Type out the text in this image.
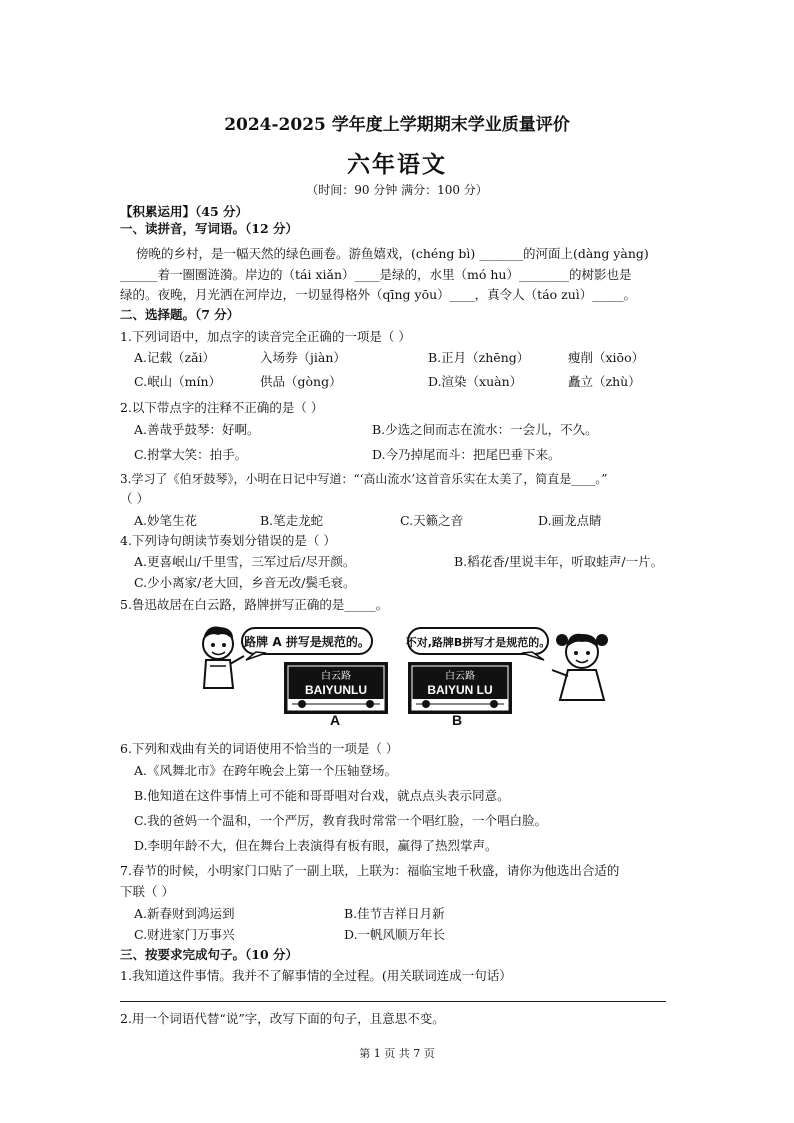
2024-2025 学年度上学期期末学业质量评价
六年语文
（时间：90 分钟 满分：100 分）
【积累运用】（45 分）
一、读拼音，写词语。（12 分）
傍晚的乡村，是一幅天然的绿色画卷。游鱼嬉戏，(chéng bì) _______的河面上(dàng yàng)
______着一圈圈涟漪。岸边的（tái xiǎn）____是绿的，水里（mó hu）________的树影也是
绿的。夜晚，月光洒在河岸边，一切显得格外（qīng yōu）____，真令人（táo zuì）_____。
二、选择题。（7 分）
1.下列词语中，加点字的读音完全正确的一项是（ ）
A.记载（zǎi）	入场券（jiàn）	B.正月（zhēng）	瘦削（xiōo）
C.岷山（mín）	供品（gòng）	D.渲染（xuàn）	矗立（zhù）
2.以下带点字的注释不正确的是（ ）
A.善哉乎鼓琴：好啊。	B.少选之间而志在流水：一会儿，不久。
C.拊掌大笑：拍手。	D.今乃掉尾而斗：把尾巴垂下来。
3.学习了《伯牙鼓琴》，小明在日记中写道：“‘高山流水’这首音乐实在太美了，简直是____。”
（ ）
A.妙笔生花	B.笔走龙蛇	C.天籁之音	D.画龙点睛
4.下列诗句朗读节奏划分错误的是（ ）
A.更喜岷山/千里雪，三军过后/尽开颜。	B.稻花香/里说丰年，听取蛙声/一片。
C.少小离家/老大回，乡音无改/鬓毛衰。
5.鲁迅故居在白云路，路牌拼写正确的是_____。
路牌 A 拼写是规范的。
白云路
BAIYUNLU
不对,路牌B拼写才是规范的。
白云路
BAIYUN LU
A	B
6.下列和戏曲有关的词语使用不恰当的一项是（ ）
A.《风舞北市》在跨年晚会上第一个压轴登场。
B.他知道在这件事情上可不能和哥哥唱对台戏，就点点头表示同意。
C.我的爸妈一个温和，一个严厉，教育我时常常一个唱红脸，一个唱白脸。
D.李明年龄不大，但在舞台上表演得有板有眼，赢得了热烈掌声。
7.春节的时候，小明家门口贴了一副上联，上联为：福临宝地千秋盛，请你为他选出合适的
下联（ ）
A.新春财到鸿运到	B.佳节吉祥日月新
C.财进家门万事兴	D.一帆风顺万年长
三、按要求完成句子。（10 分）
1.我知道这件事情。我并不了解事情的全过程。(用关联词连成一句话）
2.用一个词语代替“说”字，改写下面的句子，且意思不变。
第 1 页 共 7 页
